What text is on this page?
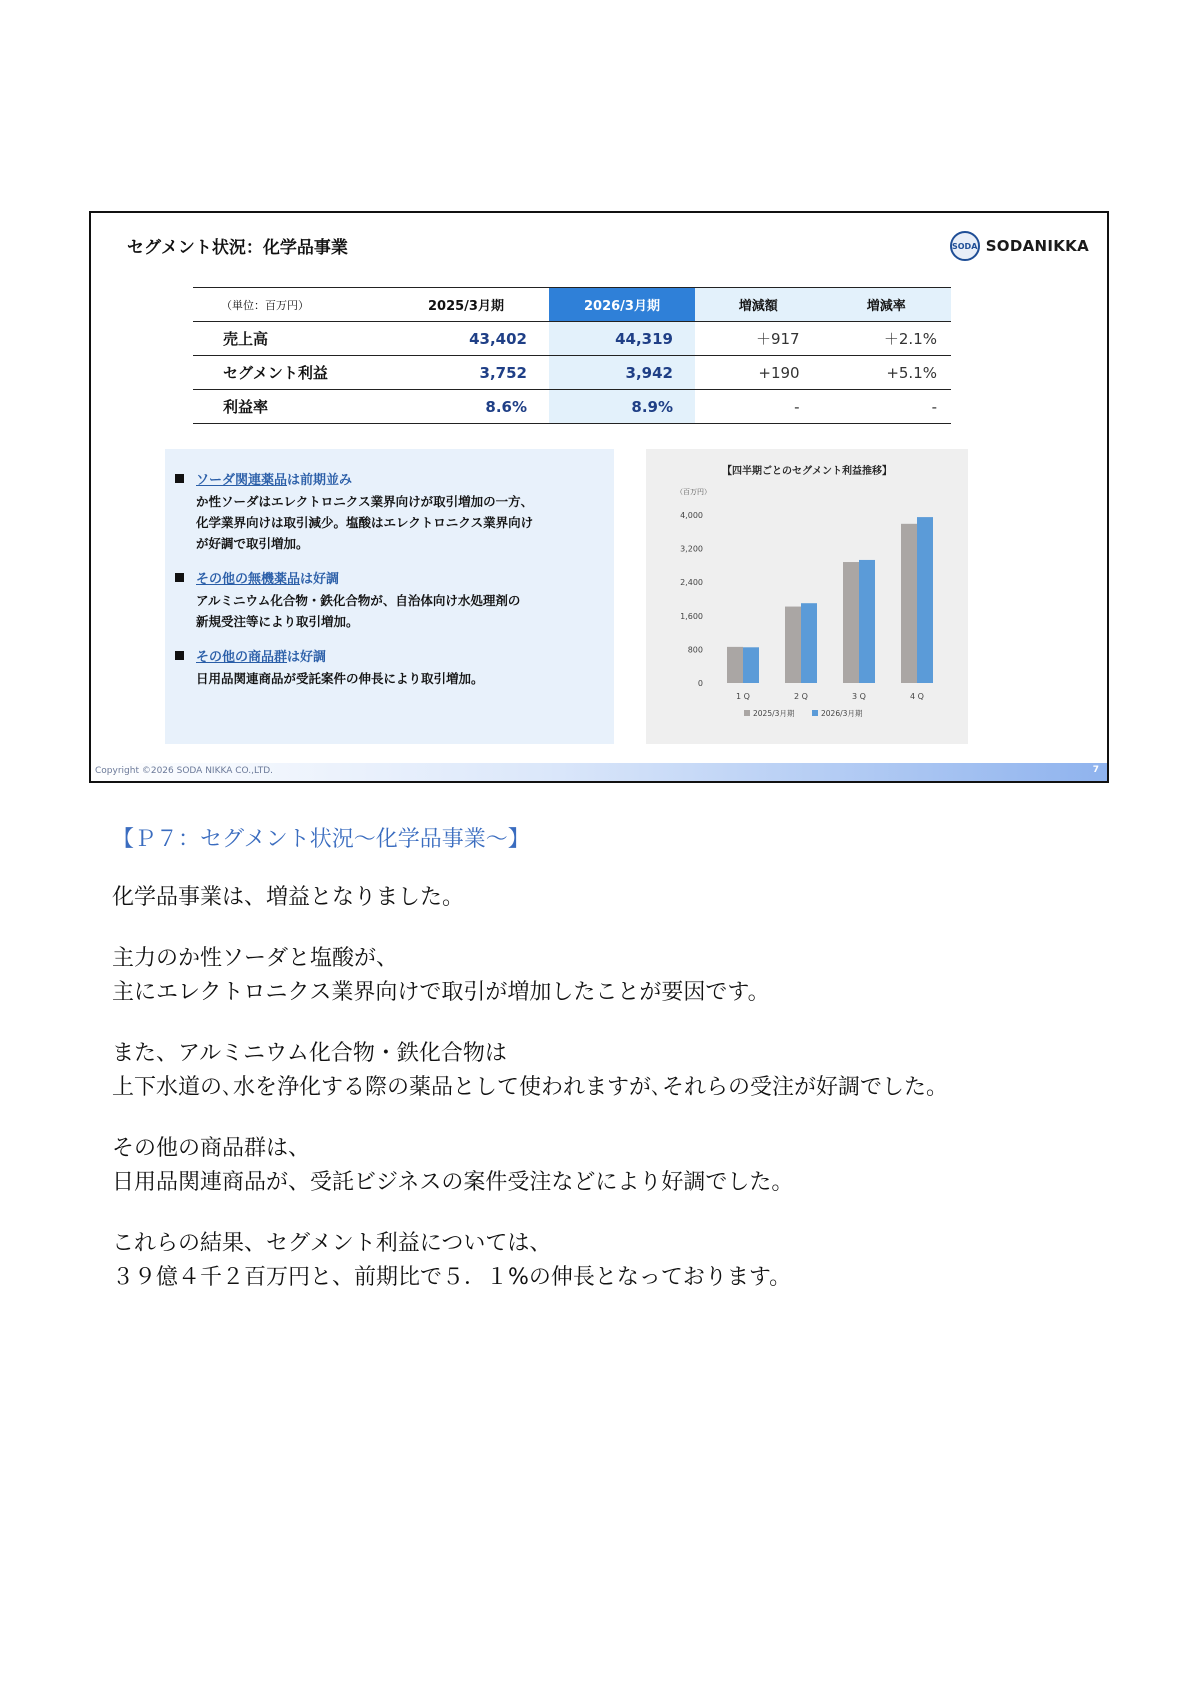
セグメント状況：化学品事業	SODA SODANIKKA
（単位：百万円）	2025/3月期	2026/3月期	増減額	増減率
売上高	43,402	44,319	＋917	＋2.1%
セグメント利益	3,752	3,942	+190	+5.1%
利益率	8.6%	8.9%	-	-
ソーダ関連薬品 は前期並み
か性ソーダはエレクトロニクス業界向けが取引増加の一方、
化学業界向けは取引減少。塩酸はエレクトロニクス業界向け
が好調で取引増加。
その他の無機薬品 は好調
アルミニウム化合物・鉄化合物が、自治体向け水処理剤の
新規受注等により取引増加。
その他の商品群 は好調
日用品関連商品が受託案件の伸長により取引増加。
【四半期ごとのセグメント利益推移】
（百万円）
0
800
1,600
2,400
3,200
4,000
1 Q	2 Q	3 Q	4 Q
2025/3月期	2026/3月期
Copyright ©2026 SODA NIKKA CO.,LTD.	7
【Ｐ７：セグメント状況～化学品事業～】

化学品事業は、増益となりました。

主力のか性ソーダと塩酸が、
主にエレクトロニクス業界向けで取引が増加したことが要因です。

また、アルミニウム化合物・鉄化合物は
上下水道の､水を浄化する際の薬品として使われますが､それらの受注が好調でした。

その他の商品群は、
日用品関連商品が、受託ビジネスの案件受注などにより好調でした。

これらの結果、セグメント利益については、
３９億４千２百万円と、前期比で５．１%の伸長となっております。
